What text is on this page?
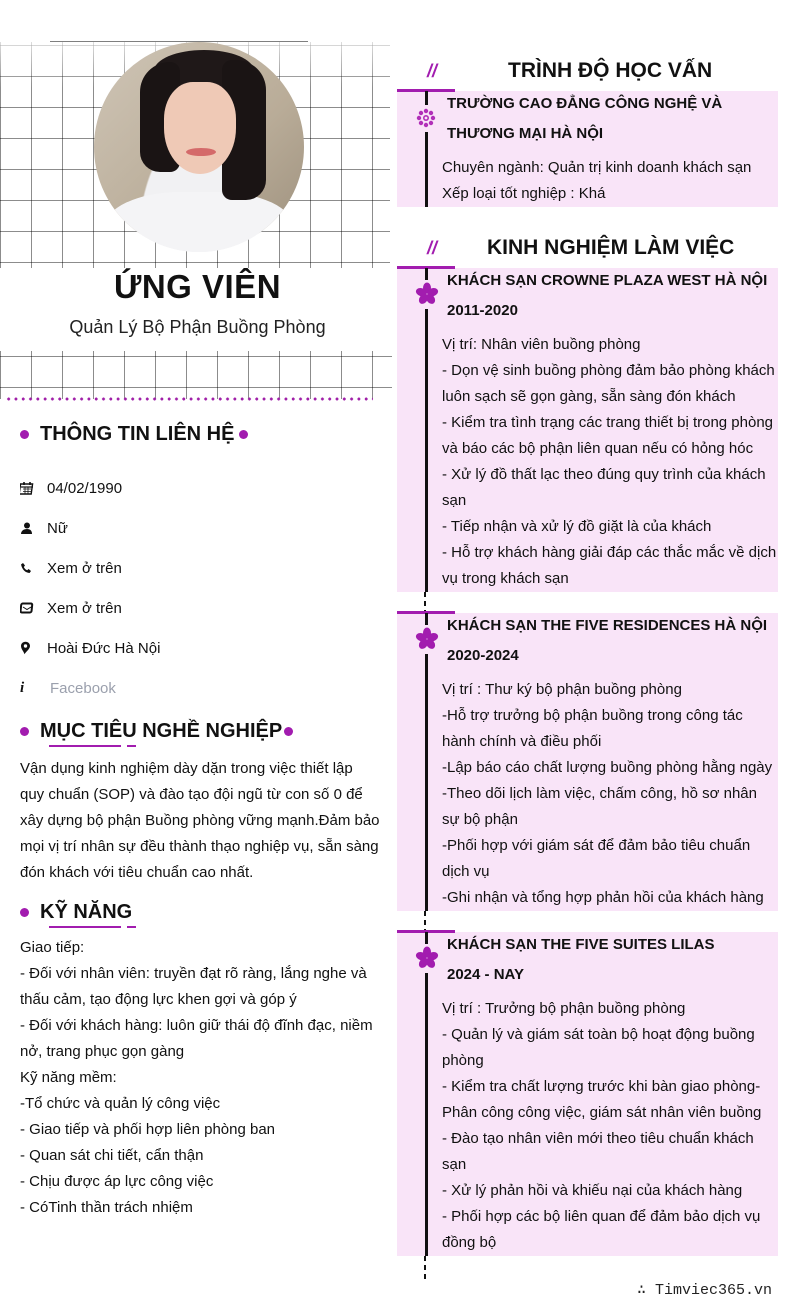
ỨNG VIÊN
Quản Lý Bộ Phận Buồng Phòng
THÔNG TIN LIÊN HỆ
04/02/1990
Nữ
Xem ở trên
Xem ở trên
Hoài Đức Hà Nội
i Facebook
MỤC TIÊU NGHỀ NGHIỆP
Vận dụng kinh nghiệm dày dặn trong việc thiết lập quy chuẩn (SOP) và đào tạo đội ngũ từ con số 0 để xây dựng bộ phận Buồng phòng vững mạnh.Đảm bảo mọi vị trí nhân sự đều thành thạo nghiệp vụ, sẵn sàng đón khách với tiêu chuẩn cao nhất.
KỸ NĂNG
Giao tiếp:
- Đối với nhân viên: truyền đạt rõ ràng, lắng nghe và thấu cảm, tạo động lực khen gợi và góp ý
- Đối với khách hàng: luôn giữ thái độ đĩnh đạc, niềm nở, trang phục gọn gàng
Kỹ năng mềm:
-Tổ chức và quản lý công việc
- Giao tiếp và phối hợp liên phòng ban
- Quan sát chi tiết, cẩn thận
- Chịu được áp lực công việc
- CóTinh thần trách nhiệm
//	TRÌNH ĐỘ HỌC VẤN
TRƯỜNG CAO ĐẲNG CÔNG NGHỆ VÀ
THƯƠNG MẠI HÀ NỘI
Chuyên ngành: Quản trị kinh doanh khách sạn
Xếp loại tốt nghiệp : Khá
//	KINH NGHIỆM LÀM VIỆC
KHÁCH SẠN CROWNE PLAZA WEST HÀ NỘI
2011-2020
Vị trí: Nhân viên buồng phòng
- Dọn vệ sinh buồng phòng đảm bảo phòng khách luôn sạch sẽ gọn gàng, sẵn sàng đón khách
- Kiểm tra tình trạng các trang thiết bị trong phòng và báo các bộ phận liên quan nếu có hỏng hóc
- Xử lý đồ thất lạc theo đúng quy trình của khách sạn
- Tiếp nhận và xử lý đồ giặt là của khách
- Hỗ trợ khách hàng giải đáp các thắc mắc về dịch vụ trong khách sạn
KHÁCH SẠN THE FIVE RESIDENCES HÀ NỘI
2020-2024
Vị trí : Thư ký bộ phận buồng phòng
-Hỗ trợ trưởng bộ phận buồng trong công tác hành chính và điều phối
-Lập báo cáo chất lượng buồng phòng hằng ngày
-Theo dõi lịch làm việc, chấm công, hồ sơ nhân sự bộ phận
-Phối hợp với giám sát để đảm bảo tiêu chuẩn dịch vụ
-Ghi nhận và tổng hợp phản hồi của khách hàng
KHÁCH SẠN THE FIVE SUITES LILAS
2024 - NAY
Vị trí : Trưởng bộ phận buồng phòng
- Quản lý và giám sát toàn bộ hoạt động buồng phòng
- Kiểm tra chất lượng trước khi bàn giao phòng- Phân công công việc, giám sát nhân viên buồng
- Đào tạo nhân viên mới theo tiêu chuẩn khách sạn
- Xử lý phản hồi và khiếu nại của khách hàng
- Phối hợp các bộ liên quan để đảm bảo dịch vụ đồng bộ
∴ Timviec365.vn
